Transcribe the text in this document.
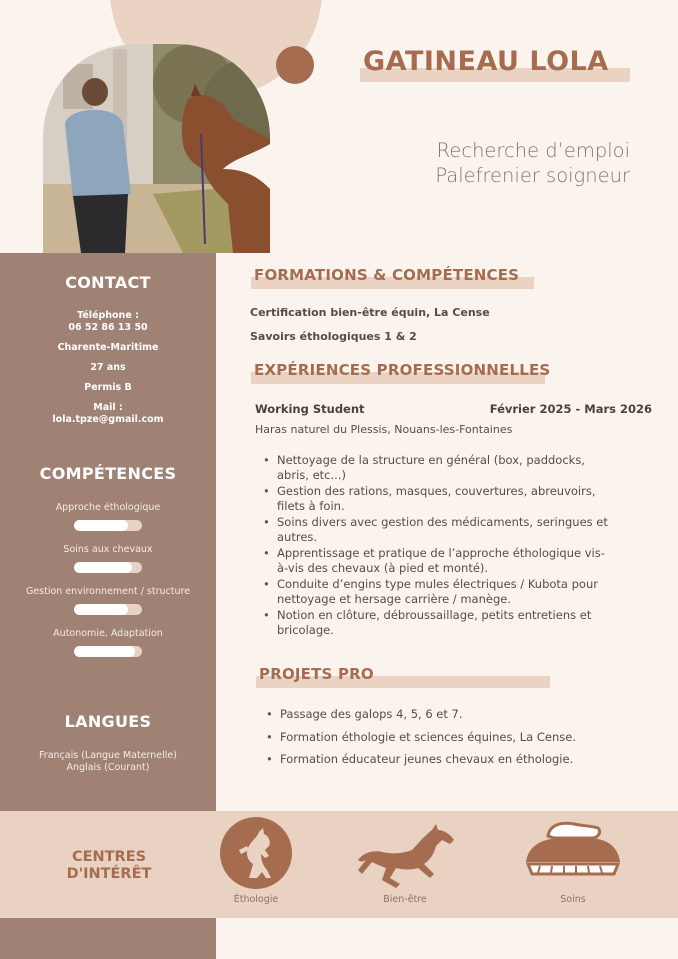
GATINEAU LOLA
Recherche d’emploi
Palefrenier soigneur
CONTACT
Téléphone :
06 52 86 13 50
Charente-Maritime
27 ans
Permis B
Mail :
lola.tpze@gmail.com
COMPÉTENCES
Approche éthologique
Soins aux chevaux
Gestion environnement / structure
Autonomie, Adaptation
LANGUES
Français (Langue Maternelle)
Anglais (Courant)
FORMATIONS & COMPÉTENCES
Certification bien-être équin, La Cense
Savoirs éthologiques 1 & 2
EXPÉRIENCES PROFESSIONNELLES
Working Student	Février 2025 - Mars 2026
Haras naturel du Plessis, Nouans-les-Fontaines
• Nettoyage de la structure en général (box, paddocks, abris, etc...)
• Gestion des rations, masques, couvertures, abreuvoirs, filets à foin.
• Soins divers avec gestion des médicaments, seringues et autres.
• Apprentissage et pratique de l’approche éthologique vis-à-vis des chevaux (à pied et monté).
• Conduite d’engins type mules électriques / Kubota pour nettoyage et hersage carrière / manège.
• Notion en clôture, débroussaillage, petits entretiens et bricolage.
PROJETS PRO
• Passage des galops 4, 5, 6 et 7.
• Formation éthologie et sciences équines, La Cense.
• Formation éducateur jeunes chevaux en éthologie.
CENTRES
D'INTÉRÊT
Éthologie	Bien-être	Soins
